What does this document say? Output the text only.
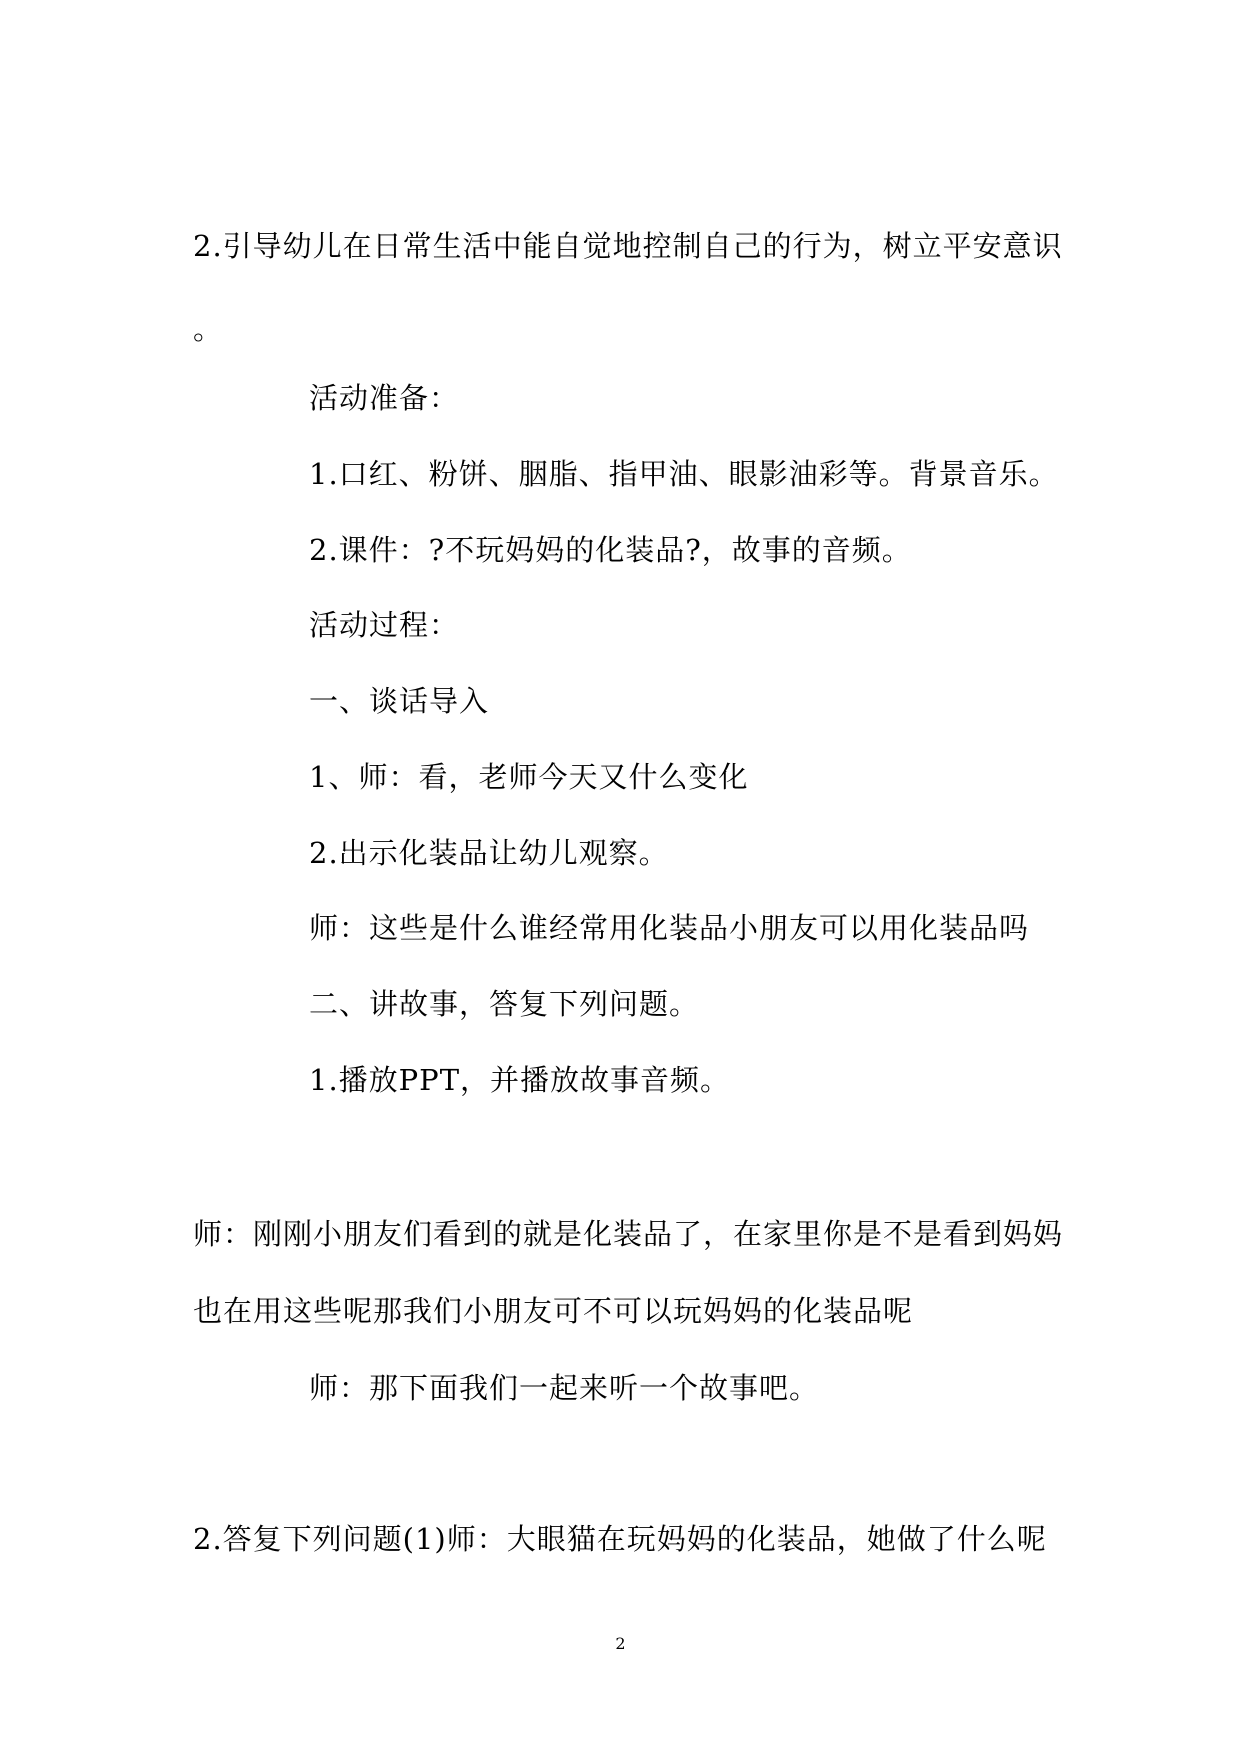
2.引导幼儿在日常生活中能自觉地控制自己的行为，树立平安意识
。
活动准备：
1.口红、粉饼、胭脂、指甲油、眼影油彩等。背景音乐。
2.课件：?不玩妈妈的化装品?，故事的音频。
活动过程：
一、谈话导入
1、师：看，老师今天又什么变化
2.出示化装品让幼儿观察。
师：这些是什么谁经常用化装品小朋友可以用化装品吗
二、讲故事，答复下列问题。
1.播放PPT，并播放故事音频。
师：刚刚小朋友们看到的就是化装品了，在家里你是不是看到妈妈
也在用这些呢那我们小朋友可不可以玩妈妈的化装品呢
师：那下面我们一起来听一个故事吧。
2.答复下列问题(1)师：大眼猫在玩妈妈的化装品，她做了什么呢
2
